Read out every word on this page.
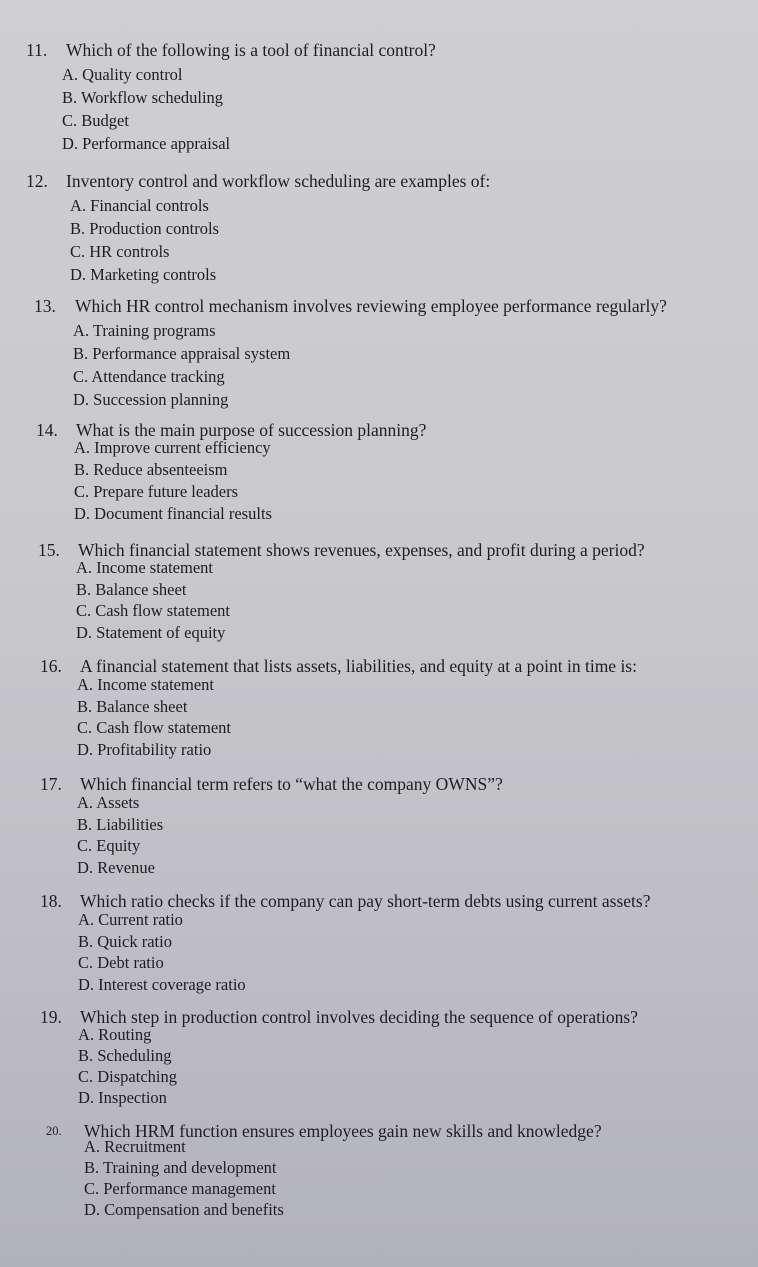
11. Which of the following is a tool of financial control?
A. Quality control
B. Workflow scheduling
C. Budget
D. Performance appraisal
12. Inventory control and workflow scheduling are examples of:
A. Financial controls
B. Production controls
C. HR controls
D. Marketing controls
13. Which HR control mechanism involves reviewing employee performance regularly?
A. Training programs
B. Performance appraisal system
C. Attendance tracking
D. Succession planning
14. What is the main purpose of succession planning?
A. Improve current efficiency
B. Reduce absenteeism
C. Prepare future leaders
D. Document financial results
15. Which financial statement shows revenues, expenses, and profit during a period?
A. Income statement
B. Balance sheet
C. Cash flow statement
D. Statement of equity
16. A financial statement that lists assets, liabilities, and equity at a point in time is:
A. Income statement
B. Balance sheet
C. Cash flow statement
D. Profitability ratio
17. Which financial term refers to “what the company OWNS”?
A. Assets
B. Liabilities
C. Equity
D. Revenue
18. Which ratio checks if the company can pay short-term debts using current assets?
A. Current ratio
B. Quick ratio
C. Debt ratio
D. Interest coverage ratio
19. Which step in production control involves deciding the sequence of operations?
A. Routing
B. Scheduling
C. Dispatching
D. Inspection
20. Which HRM function ensures employees gain new skills and knowledge?
A. Recruitment
B. Training and development
C. Performance management
D. Compensation and benefits
